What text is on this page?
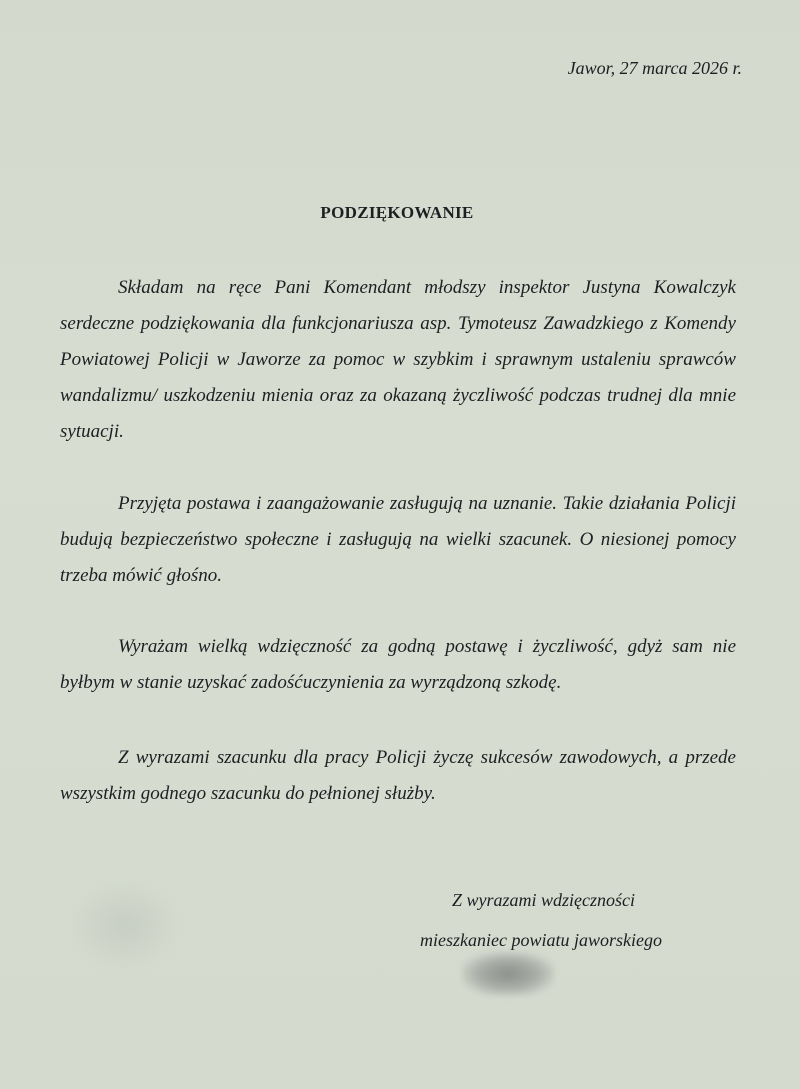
Jawor, 27 marca 2026 r.
PODZIĘKOWANIE

Składam na ręce Pani Komendant młodszy inspektor Justyna Kowalczyk serdeczne podziękowania dla funkcjonariusza asp. Tymoteusz Zawadzkiego z Komendy Powiatowej Policji w Jaworze za pomoc w szybkim i sprawnym ustaleniu sprawców wandalizmu/ uszkodzeniu mienia oraz za okazaną życzliwość podczas trudnej dla mnie sytuacji.

Przyjęta postawa i zaangażowanie zasługują na uznanie. Takie działania Policji budują bezpieczeństwo społeczne i zasługują na wielki szacunek. O niesionej pomocy trzeba mówić głośno.

Wyrażam wielką wdzięczność za godną postawę i życzliwość, gdyż sam nie byłbym w stanie uzyskać zadośćuczynienia za wyrządzoną szkodę.

Z wyrazami szacunku dla pracy Policji życzę sukcesów zawodowych, a przede wszystkim godnego szacunku do pełnionej służby.

Z wyrazami wdzięczności
mieszkaniec powiatu jaworskiego
